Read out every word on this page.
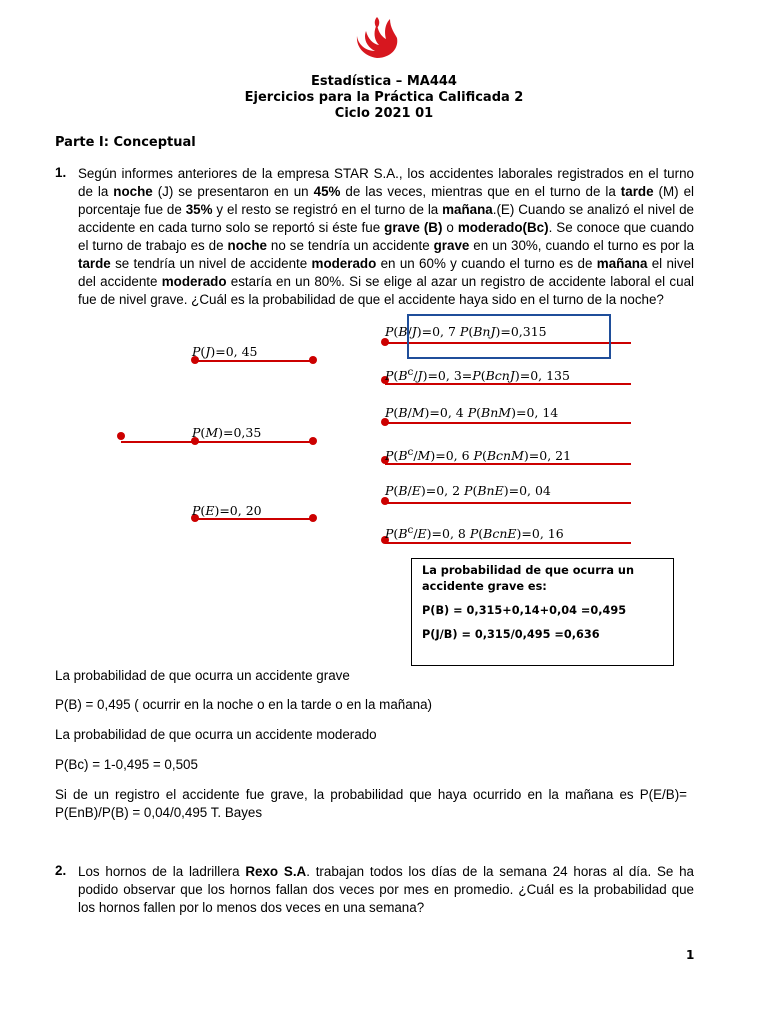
Estadística – MA444
Ejercicios para la Práctica Calificada 2
Ciclo 2021 01
Parte I: Conceptual
1. Según informes anteriores de la empresa STAR S.A., los accidentes laborales registrados en el turno de la noche (J) se presentaron en un 45% de las veces, mientras que en el turno de la tarde (M) el porcentaje fue de 35% y el resto se registró en el turno de la mañana.(E) Cuando se analizó el nivel de accidente en cada turno solo se reportó si éste fue grave (B) o moderado(Bc). Se conoce que cuando el turno de trabajo es de noche no se tendría un accidente grave en un 30%, cuando el turno es por la tarde se tendría un nivel de accidente moderado en un 60% y cuando el turno es de mañana el nivel del accidente moderado estaría en un 80%. Si se elige al azar un registro de accidente laboral el cual fue de nivel grave. ¿Cuál es la probabilidad de que el accidente haya sido en el turno de la noche?
P(J)=0, 45
P(M)=0,35
P(E)=0, 20
P(B/J)=0, 7 P(BnJ)=0,315
$P(B^c/J)=0$, 3=P(BcnJ)=0, 135
P(B/M)=0, 4 P(BnM)=0, 14
$P(B^c/M)=0$, 6 P(BcnM)=0, 21
P(B/E)=0, 2 P(BnE)=0, 04
$P(B^c/E)=0$, 8 P(BcnE)=0, 16
La probabilidad de que ocurra un
accidente grave es:
P(B) = 0,315+0,14+0,04 =0,495
P(J/B) = 0,315/0,495 =0,636
La probabilidad de que ocurra un accidente grave
P(B) = 0,495 ( ocurrir en la noche o en la tarde o en la mañana)
La probabilidad de que ocurra un accidente moderado
P(Bc) = 1-0,495 = 0,505
Si de un registro el accidente fue grave, la probabilidad que haya ocurrido en la mañana es P(E/B)= P(EnB)/P(B) = 0,04/0,495 T. Bayes
2. Los hornos de la ladrillera Rexo S.A. trabajan todos los días de la semana 24 horas al día. Se ha podido observar que los hornos fallan dos veces por mes en promedio. ¿Cuál es la probabilidad que los hornos fallen por lo menos dos veces en una semana?
1
